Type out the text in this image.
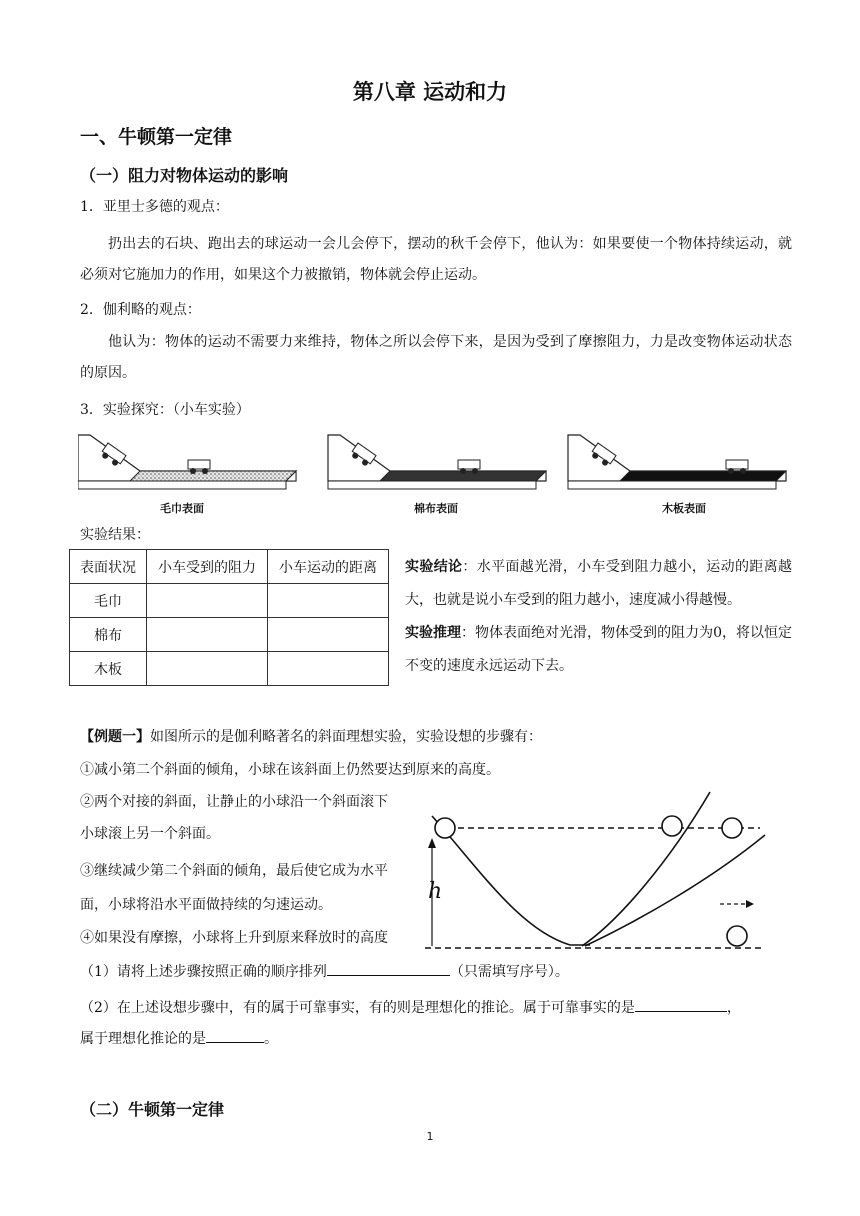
第八章 运动和力
一、牛顿第一定律
（一）阻力对物体运动的影响
1．亚里士多德的观点：
扔出去的石块、跑出去的球运动一会儿会停下，摆动的秋千会停下，他认为：如果要使一个物体持续运动，就必须对它施加力的作用，如果这个力被撤销，物体就会停止运动。
2．伽利略的观点：
他认为：物体的运动不需要力来维持，物体之所以会停下来，是因为受到了摩擦阻力，力是改变物体运动状态的原因。
3．实验探究：（小车实验）
毛巾表面	棉布表面	木板表面
实验结果：
表面状况	小车受到的阻力	小车运动的距离
毛巾		
棉布		
木板		
实验结论：水平面越光滑，小车受到阻力越小，运动的距离越大，也就是说小车受到的阻力越小，速度减小得越慢。
实验推理：物体表面绝对光滑，物体受到的阻力为0，将以恒定不变的速度永远运动下去。
【例题一】如图所示的是伽利略著名的斜面理想实验，实验设想的步骤有：
①减小第二个斜面的倾角，小球在该斜面上仍然要达到原来的高度。
②两个对接的斜面，让静止的小球沿一个斜面滚下
小球滚上另一个斜面。
③继续减少第二个斜面的倾角，最后使它成为水平
面，小球将沿水平面做持续的匀速运动。
④如果没有摩擦，小球将上升到原来释放时的高度
h
（1）请将上述步骤按照正确的顺序排列	（只需填写序号）。
（2）在上述设想步骤中，有的属于可靠事实，有的则是理想化的推论。属于可靠事实的是	，
属于理想化推论的是	。
（二）牛顿第一定律
1
